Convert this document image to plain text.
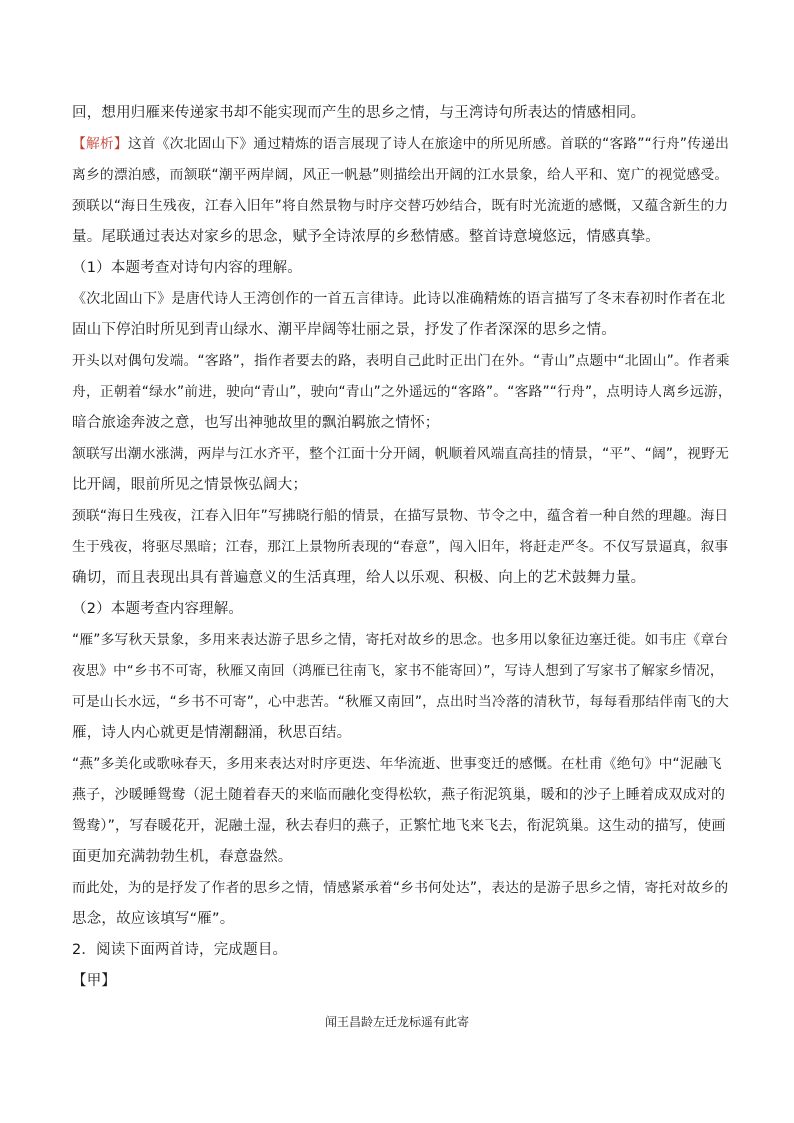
回，想用归雁来传递家书却不能实现而产生的思乡之情，与王湾诗句所表达的情感相同。
【解析】这首《次北固山下》通过精炼的语言展现了诗人在旅途中的所见所感。首联的“客路”“行舟”传递出
离乡的漂泊感，而颔联“潮平两岸阔，风正一帆悬”则描绘出开阔的江水景象，给人平和、宽广的视觉感受。
颈联以“海日生残夜，江春入旧年”将自然景物与时序交替巧妙结合，既有时光流逝的感慨，又蕴含新生的力
量。尾联通过表达对家乡的思念，赋予全诗浓厚的乡愁情感。整首诗意境悠远，情感真挚。
（1）本题考查对诗句内容的理解。
《次北固山下》是唐代诗人王湾创作的一首五言律诗。此诗以准确精炼的语言描写了冬末春初时作者在北
固山下停泊时所见到青山绿水、潮平岸阔等壮丽之景，抒发了作者深深的思乡之情。
开头以对偶句发端。“客路”，指作者要去的路，表明自己此时正出门在外。“青山”点题中“北固山”。作者乘
舟，正朝着“绿水”前进，驶向“青山”，驶向“青山”之外遥远的“客路”。“客路”“行舟”，点明诗人离乡远游，
暗合旅途奔波之意，也写出神驰故里的飘泊羁旅之情怀；
颔联写出潮水涨满，两岸与江水齐平，整个江面十分开阔，帆顺着风端直高挂的情景，“平”、“阔”，视野无
比开阔，眼前所见之情景恢弘阔大；
颈联“海日生残夜，江春入旧年”写拂晓行船的情景，在描写景物、节令之中，蕴含着一种自然的理趣。海日
生于残夜，将驱尽黑暗；江春，那江上景物所表现的“春意”，闯入旧年，将赶走严冬。不仅写景逼真，叙事
确切，而且表现出具有普遍意义的生活真理，给人以乐观、积极、向上的艺术鼓舞力量。
（2）本题考查内容理解。
“雁”多写秋天景象，多用来表达游子思乡之情，寄托对故乡的思念。也多用以象征边塞迁徙。如韦庄《章台
夜思》中“乡书不可寄，秋雁又南回（鸿雁已往南飞，家书不能寄回）”，写诗人想到了写家书了解家乡情况，
可是山长水远，“乡书不可寄”，心中悲苦。“秋雁又南回”，点出时当冷落的清秋节，每每看那结伴南飞的大
雁，诗人内心就更是情潮翻涌，秋思百结。
“燕”多美化或歌咏春天，多用来表达对时序更迭、年华流逝、世事变迁的感慨。在杜甫《绝句》中“泥融飞
燕子，沙暖睡鸳鸯（泥土随着春天的来临而融化变得松软，燕子衔泥筑巢，暖和的沙子上睡着成双成对的
鸳鸯）”，写春暖花开，泥融土湿，秋去春归的燕子，正繁忙地飞来飞去，衔泥筑巢。这生动的描写，使画
面更加充满勃勃生机，春意盎然。
而此处，为的是抒发了作者的思乡之情，情感紧承着“乡书何处达”，表达的是游子思乡之情，寄托对故乡的
思念，故应该填写“雁”。
2．阅读下面两首诗，完成题目。
【甲】
闻王昌龄左迁龙标遥有此寄
